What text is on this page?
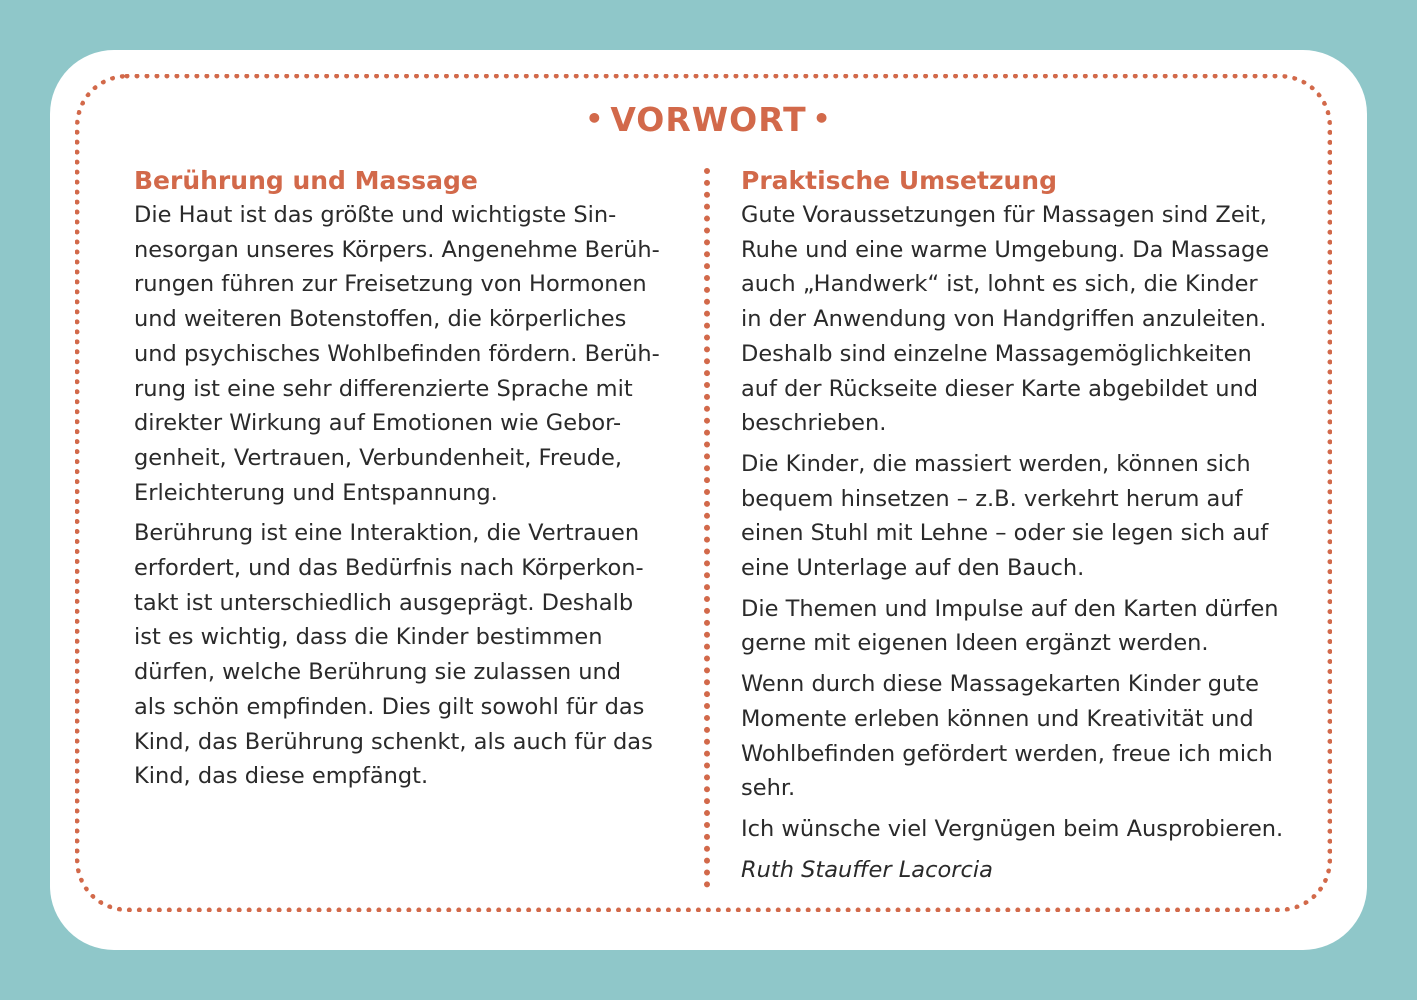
• VORWORT •

Berührung und Massage

Die Haut ist das größte und wichtigste Sin-
nesorgan unseres Körpers. Angenehme Berüh-
rungen führen zur Freisetzung von Hormonen
und weiteren Botenstoffen, die körperliches
und psychisches Wohlbefinden fördern. Berüh-
rung ist eine sehr differenzierte Sprache mit
direkter Wirkung auf Emotionen wie Gebor-
genheit, Vertrauen, Verbundenheit, Freude,
Erleichterung und Entspannung.

Berührung ist eine Interaktion, die Vertrauen
erfordert, und das Bedürfnis nach Körperkon-
takt ist unterschiedlich ausgeprägt. Deshalb
ist es wichtig, dass die Kinder bestimmen
dürfen, welche Berührung sie zulassen und
als schön empfinden. Dies gilt sowohl für das
Kind, das Berührung schenkt, als auch für das
Kind, das diese empfängt.

Praktische Umsetzung

Gute Voraussetzungen für Massagen sind Zeit,
Ruhe und eine warme Umgebung. Da Massage
auch „Handwerk“ ist, lohnt es sich, die Kinder
in der Anwendung von Handgriffen anzuleiten.
Deshalb sind einzelne Massagemöglichkeiten
auf der Rückseite dieser Karte abgebildet und
beschrieben.

Die Kinder, die massiert werden, können sich
bequem hinsetzen – z.B. verkehrt herum auf
einen Stuhl mit Lehne – oder sie legen sich auf
eine Unterlage auf den Bauch.

Die Themen und Impulse auf den Karten dürfen
gerne mit eigenen Ideen ergänzt werden.

Wenn durch diese Massagekarten Kinder gute
Momente erleben können und Kreativität und
Wohlbefinden gefördert werden, freue ich mich
sehr.

Ich wünsche viel Vergnügen beim Ausprobieren.

Ruth Stauffer Lacorcia
